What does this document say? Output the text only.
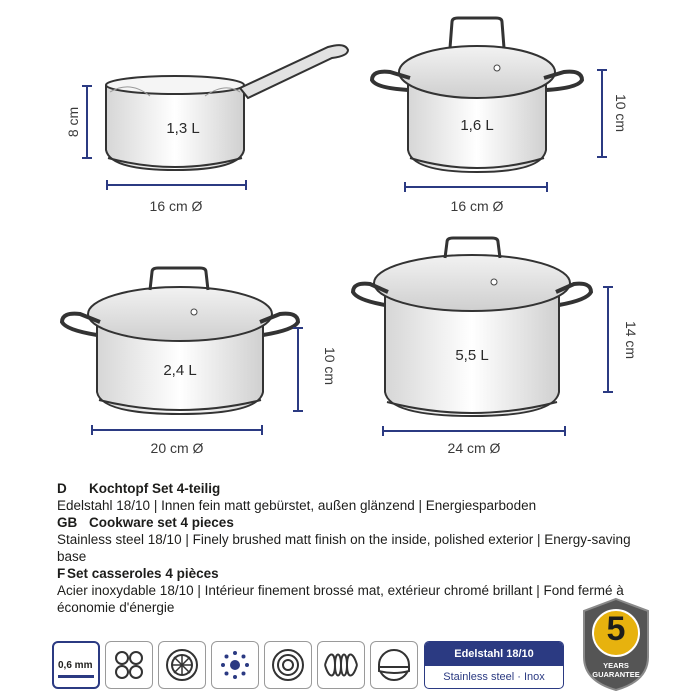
8 cm
16 cm Ø
1,3 L	10 cm
16 cm Ø
1,6 L
10 cm
20 cm Ø
2,4 L
14 cm
24 cm Ø
5,5 L
D	Kochtopf Set 4-teilig

Edelstahl 18/10 | Innen fein matt gebürstet, außen glänzend | Energiesparboden

GB Cookware set 4 pieces

Stainless steel 18/10 | Finely brushed matt finish on the inside, polished exterior | Energy-saving base

F Set casseroles 4 pièces

Acier inoxydable 18/10 | Intérieur finement brossé mat, extérieur chromé brillant | Fond fermé à économie d'énergie

0,6 mm
Edelstahl 18/10
Stainless steel · Inox
5
YEARS
GUARANTEE
